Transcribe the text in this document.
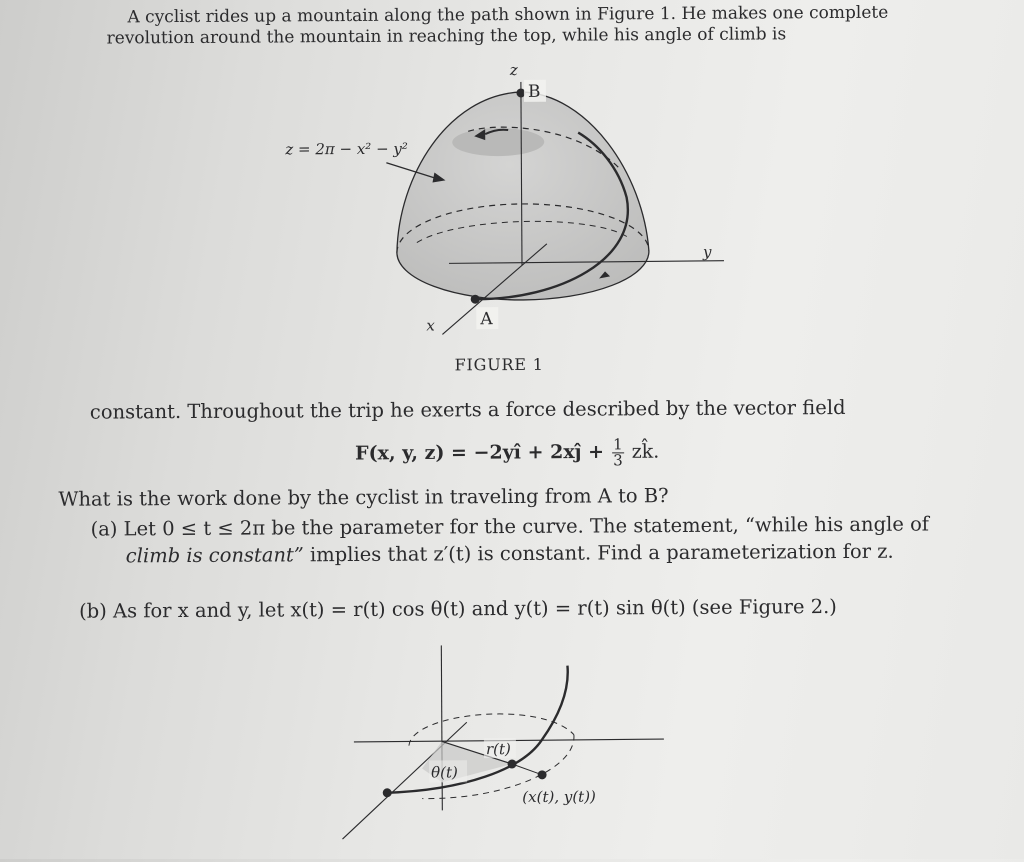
A cyclist rides up a mountain along the path shown in Figure 1. He makes one complete

revolution around the mountain in reaching the top, while his angle of climb is

z
y
x
B
A
z = 2π − x² − y²
FIGURE 1

constant. Throughout the trip he exerts a force described by the vector field

F(x, y, z) = −2yî + 2xĵ + $\frac{1}{3}$ zk̂.

What is the work done by the cyclist in traveling from A to B?

(a) Let 0 ≤ t ≤ 2π be the parameter for the curve. The statement, “while his angle of

climb is constant” implies that z′(t) is constant. Find a parameterization for z.

(b) As for x and y, let x(t) = r(t) cos θ(t) and y(t) = r(t) sin θ(t) (see Figure 2.)

r(t)
θ(t)
(x(t), y(t))
